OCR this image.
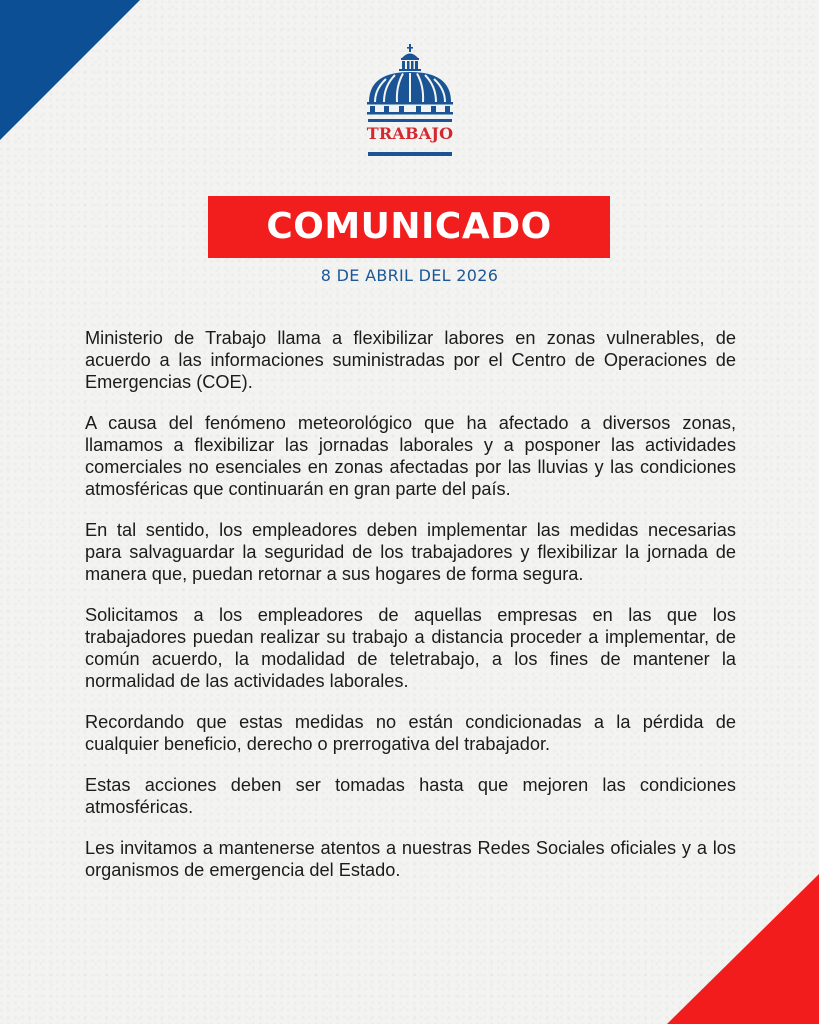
TRABAJO
COMUNICADO
8 DE ABRIL DEL 2026

Ministerio de Trabajo llama a flexibilizar labores en zonas vulnerables, de acuerdo a las informaciones suministradas por el Centro de Operaciones de Emergencias (COE).

A causa del fenómeno meteorológico que ha afectado a diversos zonas, llamamos a flexibilizar las jornadas laborales y a posponer las actividades comerciales no esenciales en zonas afectadas por las lluvias y las condiciones atmosféricas que continuarán en gran parte del país.

En tal sentido, los empleadores deben implementar las medidas necesarias para salvaguardar la seguridad de los trabajadores y flexibilizar la jornada de manera que, puedan retornar a sus hogares de forma segura.

Solicitamos a los empleadores de aquellas empresas en las que los trabajadores puedan realizar su trabajo a distancia proceder a implementar, de común acuerdo, la modalidad de teletrabajo, a los fines de mantener la normalidad de las actividades laborales.

Recordando que estas medidas no están condicionadas a la pérdida de cualquier beneficio, derecho o prerrogativa del trabajador.

Estas acciones deben ser tomadas hasta que mejoren las condiciones atmosféricas.

Les invitamos a mantenerse atentos a nuestras Redes Sociales oficiales y a los organismos de emergencia del Estado.
